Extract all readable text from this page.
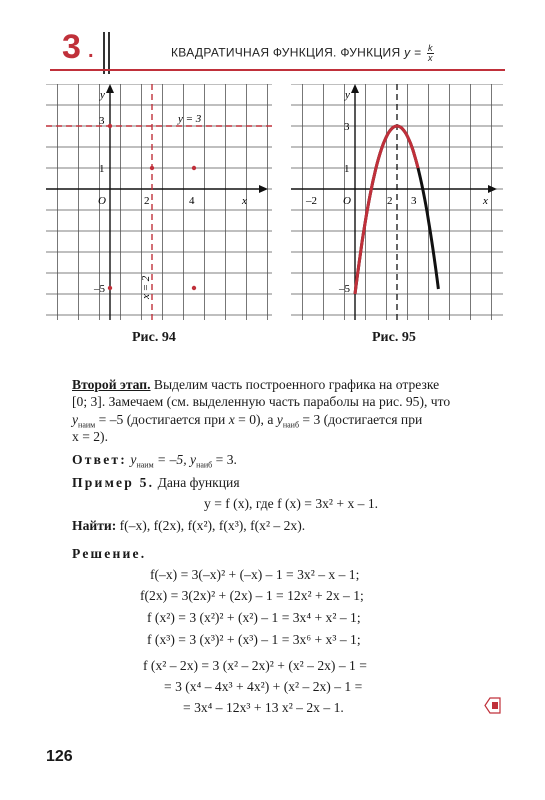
3 .	КВАДРАТИЧНАЯ ФУНКЦИЯ. ФУНКЦИЯ $y = \frac{k}{x}$
y
x
O
3
1
–5
2	4
y = 3
x = 2
Рис. 94
y
x
O
3
1
–5
–2	2 3
Рис. 95
Второй этап. Выделим часть построенного графика на отрезке
[0; 3]. Замечаем (см. выделенную часть параболы на рис. 95), что
$y_{наим} = -5$ (достигается при x = 0), а $y_{наиб} = 3$ (достигается при
x = 2).
Ответ: $y_{наим} = -5$, $y_{наиб} = 3$.
Пример 5. Дана функция
y = f (x), где f (x) = 3x² + x – 1.
Найти: f(–x), f(2x), f(x²), f(x³), f(x² – 2x).
Решение.
f(–x) = 3(–x)² + (–x) – 1 = 3x² – x – 1;
f(2x) = 3(2x)² + (2x) – 1 = 12x² + 2x – 1;
f (x²) = 3 (x²)² + (x²) – 1 = 3x⁴ + x² – 1;
f (x³) = 3 (x³)² + (x³) – 1 = 3x⁶ + x³ – 1;
f (x² – 2x) = 3 (x² – 2x)² + (x² – 2x) – 1 =
= 3 (x⁴ – 4x³ + 4x²) + (x² – 2x) – 1 =
= 3x⁴ – 12x³ + 13 x² – 2x – 1.
126
